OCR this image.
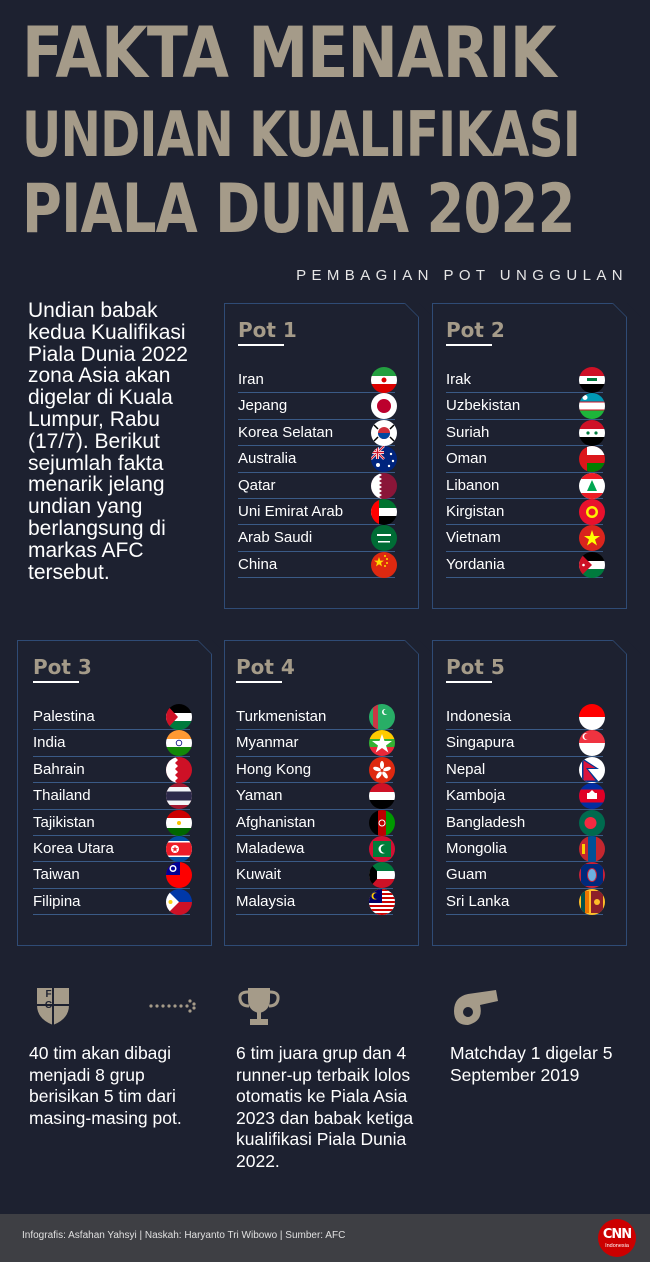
FAKTA MENARIK
UNDIAN KUALIFIKASI
PIALA DUNIA 2022
PEMBAGIAN POT UNGGULAN
Undian babak kedua Kualifikasi Piala Dunia 2022 zona Asia akan digelar di Kuala Lumpur, Rabu (17/7). Berikut sejumlah fakta menarik jelang undian yang berlangsung di markas AFC tersebut.
Pot 1
Iran
Jepang
Korea Selatan
Australia
Qatar
Uni Emirat Arab
Arab Saudi
China
Pot 2
Irak
Uzbekistan
Suriah
Oman
Libanon
Kirgistan
Vietnam
Yordania
Pot 3
Palestina
India
Bahrain
Thailand
Tajikistan
Korea Utara
Taiwan
Filipina
Pot 4
Turkmenistan
Myanmar
Hong Kong
Yaman
Afghanistan
Maladewa
Kuwait
Malaysia
Pot 5
Indonesia
Singapura
Nepal
Kamboja
Bangladesh
Mongolia
Guam
Sri Lanka
F C
40 tim akan dibagi menjadi 8 grup berisikan 5 tim dari masing-masing pot.
6 tim juara grup dan 4 runner-up terbaik lolos otomatis ke Piala Asia 2023 dan babak ketiga kualifikasi Piala Dunia 2022.
Matchday 1 digelar 5 September 2019
Infografis: Asfahan Yahsyi | Naskah: Haryanto Tri Wibowo | Sumber: AFC	CNN
Indonesia
